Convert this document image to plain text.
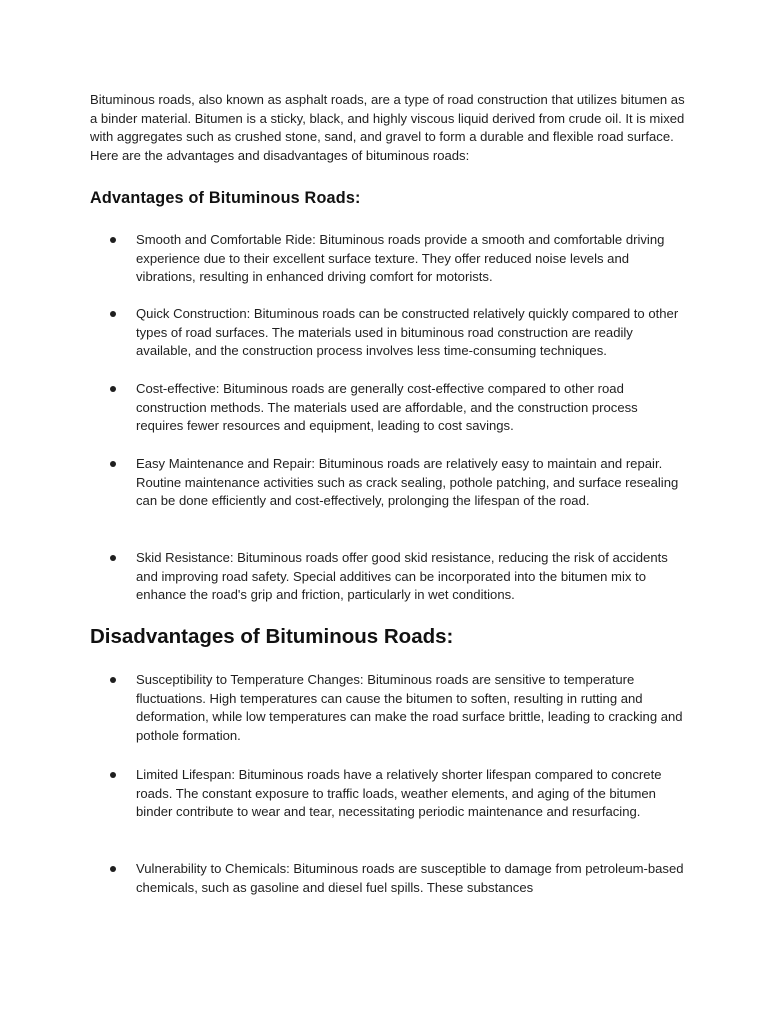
Bituminous roads, also known as asphalt roads, are a type of road construction that utilizes bitumen as a binder material. Bitumen is a sticky, black, and highly viscous liquid derived from crude oil. It is mixed with aggregates such as crushed stone, sand, and gravel to form a durable and flexible road surface. Here are the advantages and disadvantages of bituminous roads:

Advantages of Bituminous Roads:
Smooth and Comfortable Ride: Bituminous roads provide a smooth and comfortable driving experience due to their excellent surface texture. They offer reduced noise levels and vibrations, resulting in enhanced driving comfort for motorists.
Quick Construction: Bituminous roads can be constructed relatively quickly compared to other types of road surfaces. The materials used in bituminous road construction are readily available, and the construction process involves less time-consuming techniques.
Cost-effective: Bituminous roads are generally cost-effective compared to other road construction methods. The materials used are affordable, and the construction process requires fewer resources and equipment, leading to cost savings.
Easy Maintenance and Repair: Bituminous roads are relatively easy to maintain and repair. Routine maintenance activities such as crack sealing, pothole patching, and surface resealing can be done efficiently and cost-effectively, prolonging the lifespan of the road.
Skid Resistance: Bituminous roads offer good skid resistance, reducing the risk of accidents and improving road safety. Special additives can be incorporated into the bitumen mix to enhance the road's grip and friction, particularly in wet conditions.
Disadvantages of Bituminous Roads:
Susceptibility to Temperature Changes: Bituminous roads are sensitive to temperature fluctuations. High temperatures can cause the bitumen to soften, resulting in rutting and deformation, while low temperatures can make the road surface brittle, leading to cracking and pothole formation.
Limited Lifespan: Bituminous roads have a relatively shorter lifespan compared to concrete roads. The constant exposure to traffic loads, weather elements, and aging of the bitumen binder contribute to wear and tear, necessitating periodic maintenance and resurfacing.
Vulnerability to Chemicals: Bituminous roads are susceptible to damage from petroleum-based chemicals, such as gasoline and diesel fuel spills. These substances
